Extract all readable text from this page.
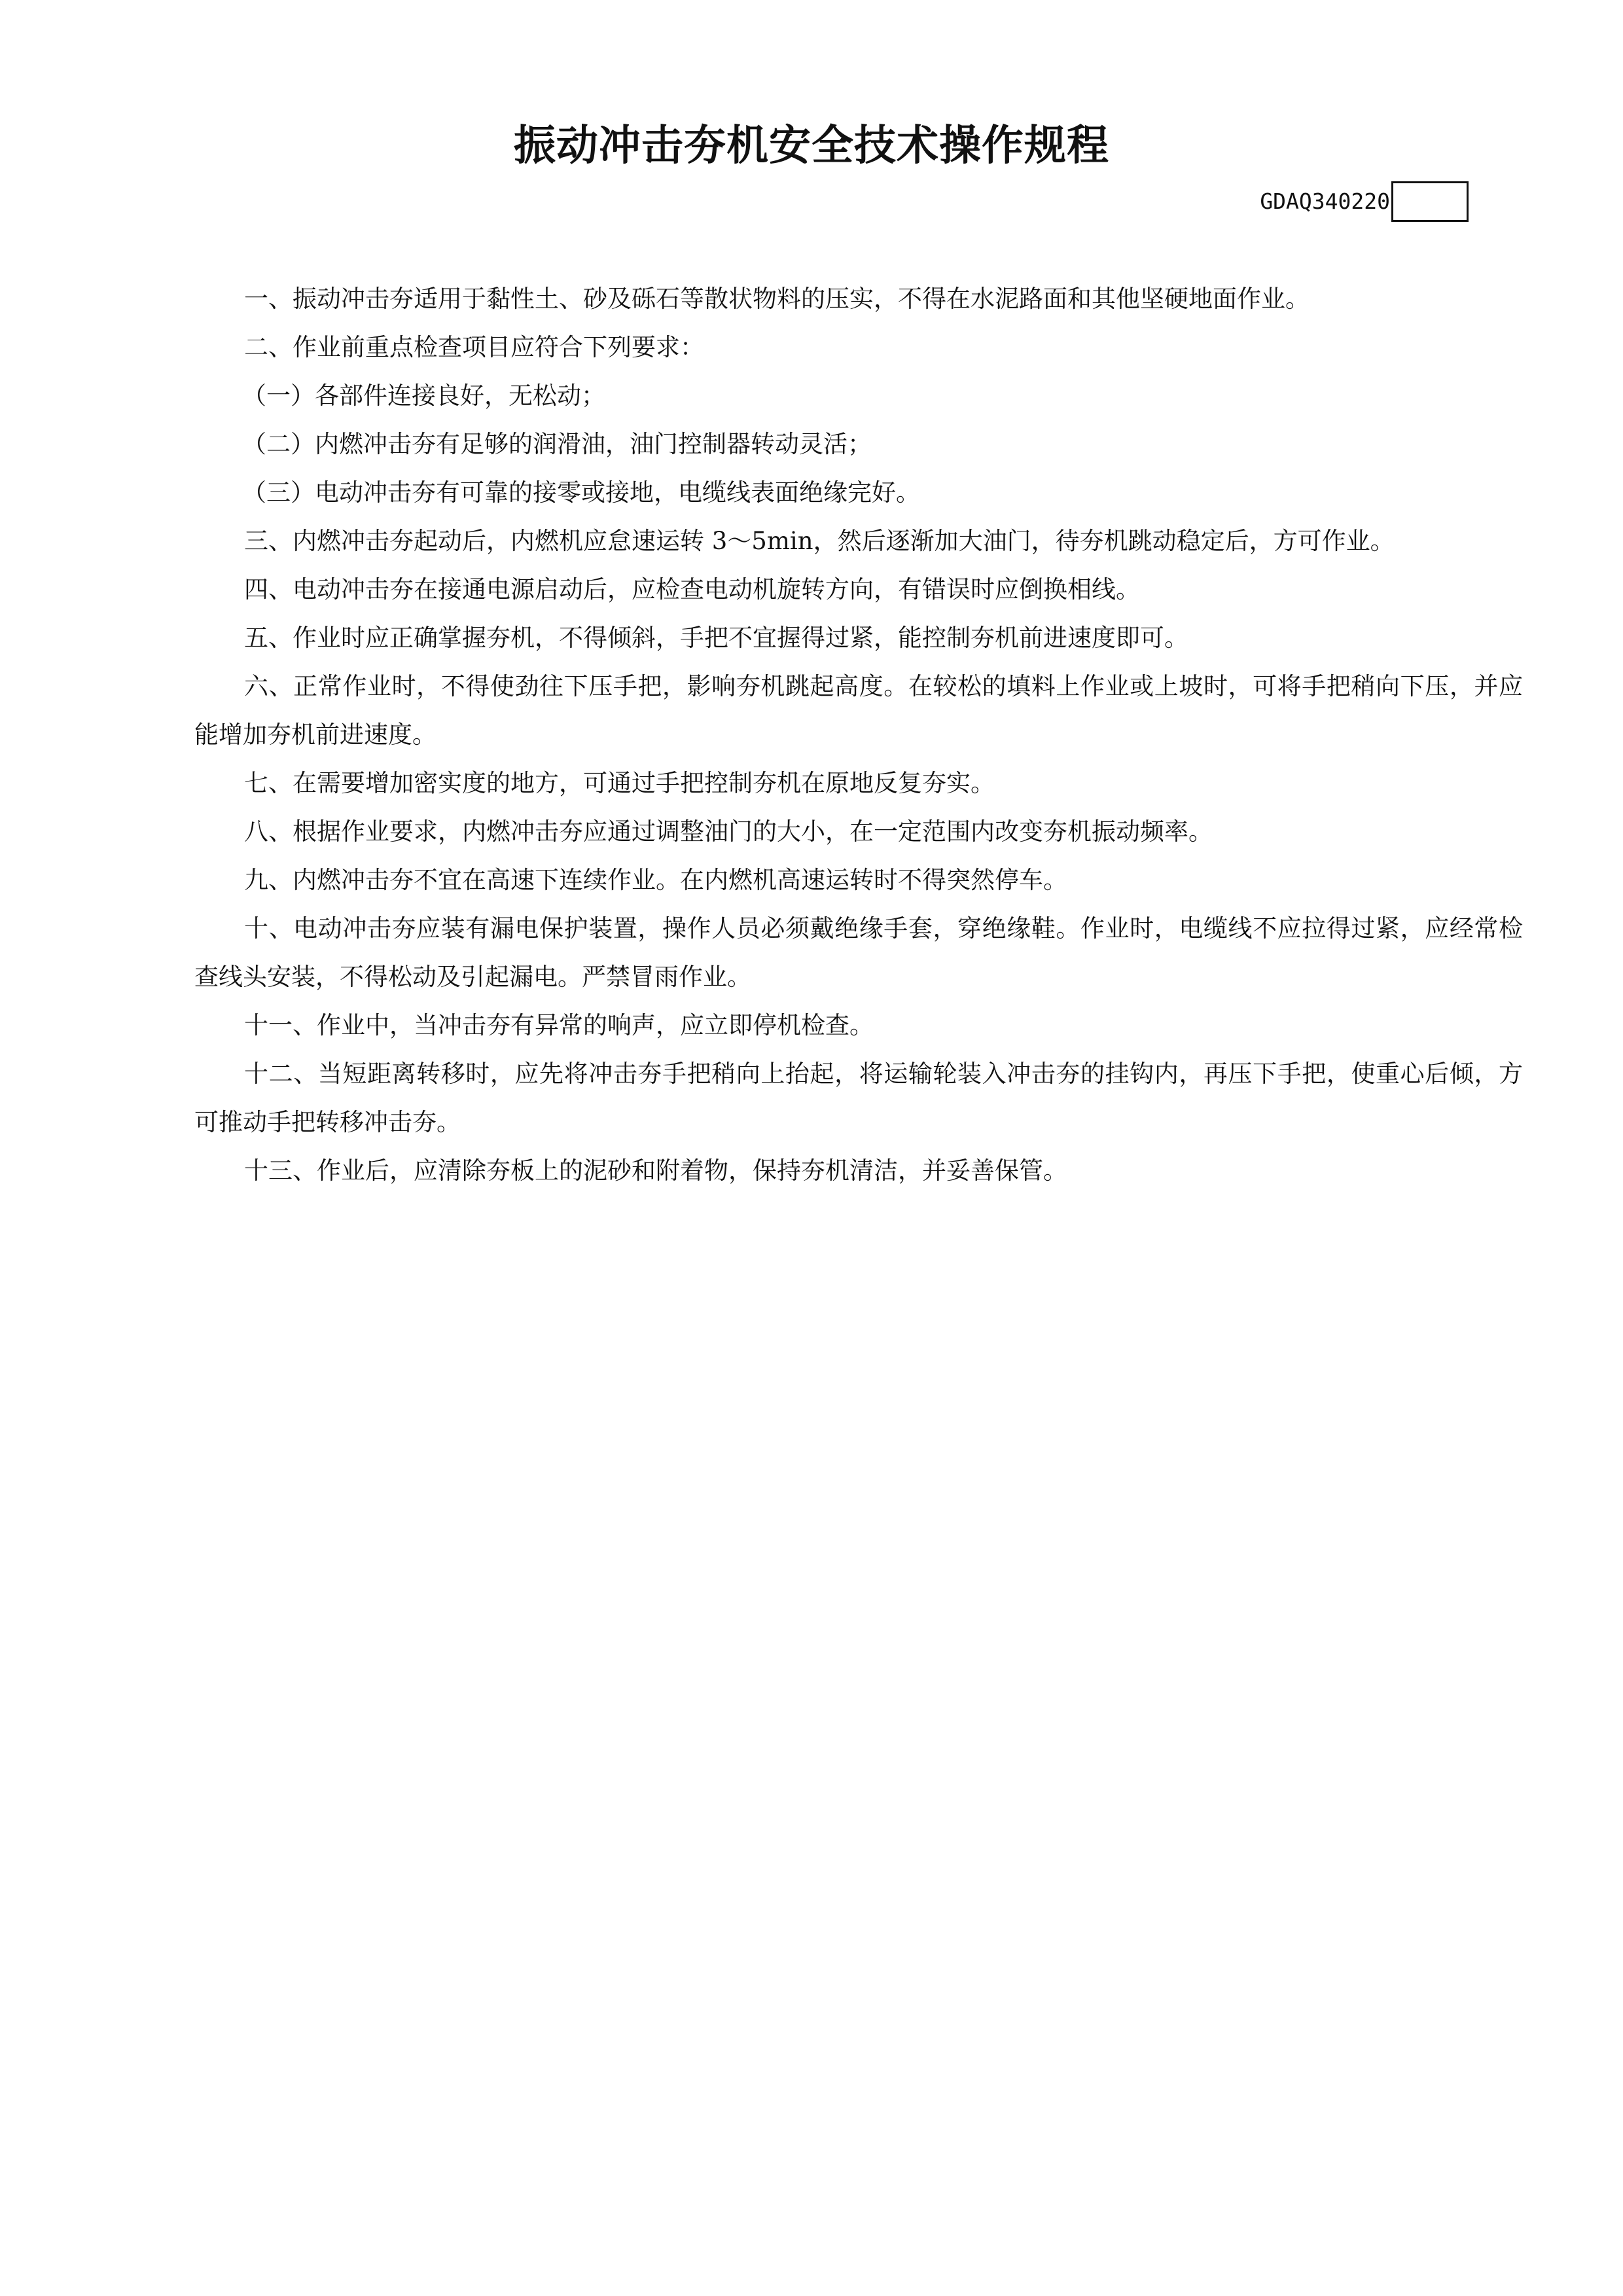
振动冲击夯机安全技术操作规程
GDAQ340220

一、振动冲击夯适用于黏性土、砂及砾石等散状物料的压实，不得在水泥路面和其他坚硬地面作业。

二、作业前重点检查项目应符合下列要求：

（一）各部件连接良好，无松动；

（二）内燃冲击夯有足够的润滑油，油门控制器转动灵活；

（三）电动冲击夯有可靠的接零或接地，电缆线表面绝缘完好。

三、内燃冲击夯起动后，内燃机应怠速运转 3～5min，然后逐渐加大油门，待夯机跳动稳定后，方可作业。

四、电动冲击夯在接通电源启动后，应检查电动机旋转方向，有错误时应倒换相线。

五、作业时应正确掌握夯机，不得倾斜，手把不宜握得过紧，能控制夯机前进速度即可。

六、正常作业时，不得使劲往下压手把，影响夯机跳起高度。在较松的填料上作业或上坡时，可将手把稍向下压，并应能增加夯机前进速度。

七、在需要增加密实度的地方，可通过手把控制夯机在原地反复夯实。

八、根据作业要求，内燃冲击夯应通过调整油门的大小，在一定范围内改变夯机振动频率。

九、内燃冲击夯不宜在高速下连续作业。在内燃机高速运转时不得突然停车。

十、电动冲击夯应装有漏电保护装置，操作人员必须戴绝缘手套，穿绝缘鞋。作业时，电缆线不应拉得过紧，应经常检查线头安装，不得松动及引起漏电。严禁冒雨作业。

十一、作业中，当冲击夯有异常的响声，应立即停机检查。

十二、当短距离转移时，应先将冲击夯手把稍向上抬起，将运输轮装入冲击夯的挂钩内，再压下手把，使重心后倾，方可推动手把转移冲击夯。

十三、作业后，应清除夯板上的泥砂和附着物，保持夯机清洁，并妥善保管。
